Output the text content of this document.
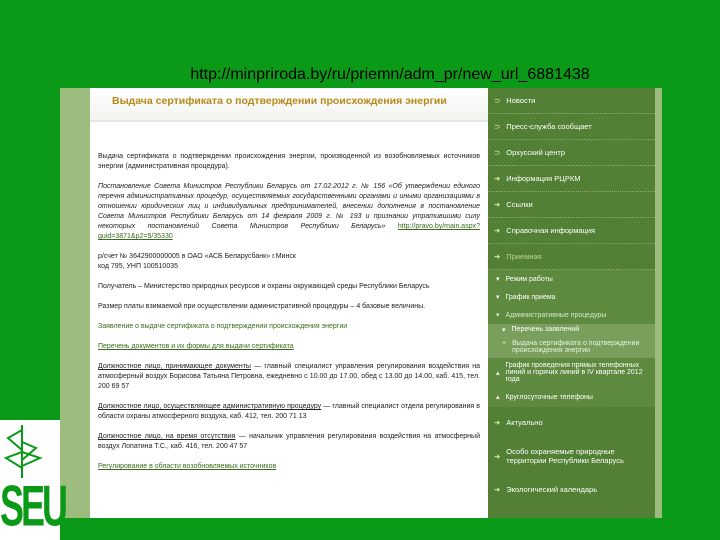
http://minpriroda.by/ru/priemn/adm_pr/new_url_6881438
Выдача сертификата о подтверждении происхождения энергии

Выдача сертификата о подтверждении происхождения энергии, производенной из возобновляемых источников энергии (административная процедура).

Постановление Совета Министров Республики Беларусь от 17.02.2012 г. № 156 «Об утверждении единого перечня административных процедур, осуществляемых государственными органами и иными организациями в отношении юридических лиц и индивидуальных предпринимателей, внесении дополнения в постановление Совета Министров Республики Беларусь от 14 февраля 2009 г. № 193 и признании утратившими силу некоторых постановлений Совета Министров Республики Беларусь» http://pravo.by/main.aspx?guid=3871&p2=5/35330

р/счет № 3642900000005 в ОАО «АСБ Беларусбанк» г.Минск
код 795, УНП 100510035

Получатель – Министерство природных ресурсов и охраны окружающей среды Республики Беларусь

Размер платы взимаемой при осуществлении административной процедуры – 4 базовые величины.

Заявление о выдаче сертификата о подтверждении происхождения энергии

Перечень документов и их формы для выдачи сертификата

Должностное лицо, принимающее документы — главный специалист управления регулирования воздействия на атмосферный воздух Борисова Татьяна Петровна, ежедневно с 10.00 до 17.00, обед с 13.00 до 14.00, каб. 415, тел. 200 69 57

Должностное лицо, осуществляющее административную процедуру — главный специалист отдела регулирования в области охраны атмосферного воздуха, каб. 412, тел. 200 71 13

Должностное лицо, на время отсутствия — начальник управления регулирования воздействия на атмосферный воздух Лопатина Т.С., каб. 416, тел. 200 47 57

Регулирование в области возобновляемых источников

⊃ Новости
⊃ Пресс-служба сообщает
⊃ Орхусский центр
➜ Информация РЦРКМ
➜ Ссылки
➜ Справочная информация
➜ Приемная
▾ Режим работы
▾ График приема
▾ Административные процедуры
▾ Перечень заявлений
+ Выдача сертификата о подтверждении происхождения энергии
▴
График проведения прямых телефонных линий и горячих линий в IV квартале 2012 года
▴ Круглосуточные телефоны
➜ Актуально
➜ Особо охраняемые природные территории Республики Беларусь
➜ Экологический календарь
SEU
